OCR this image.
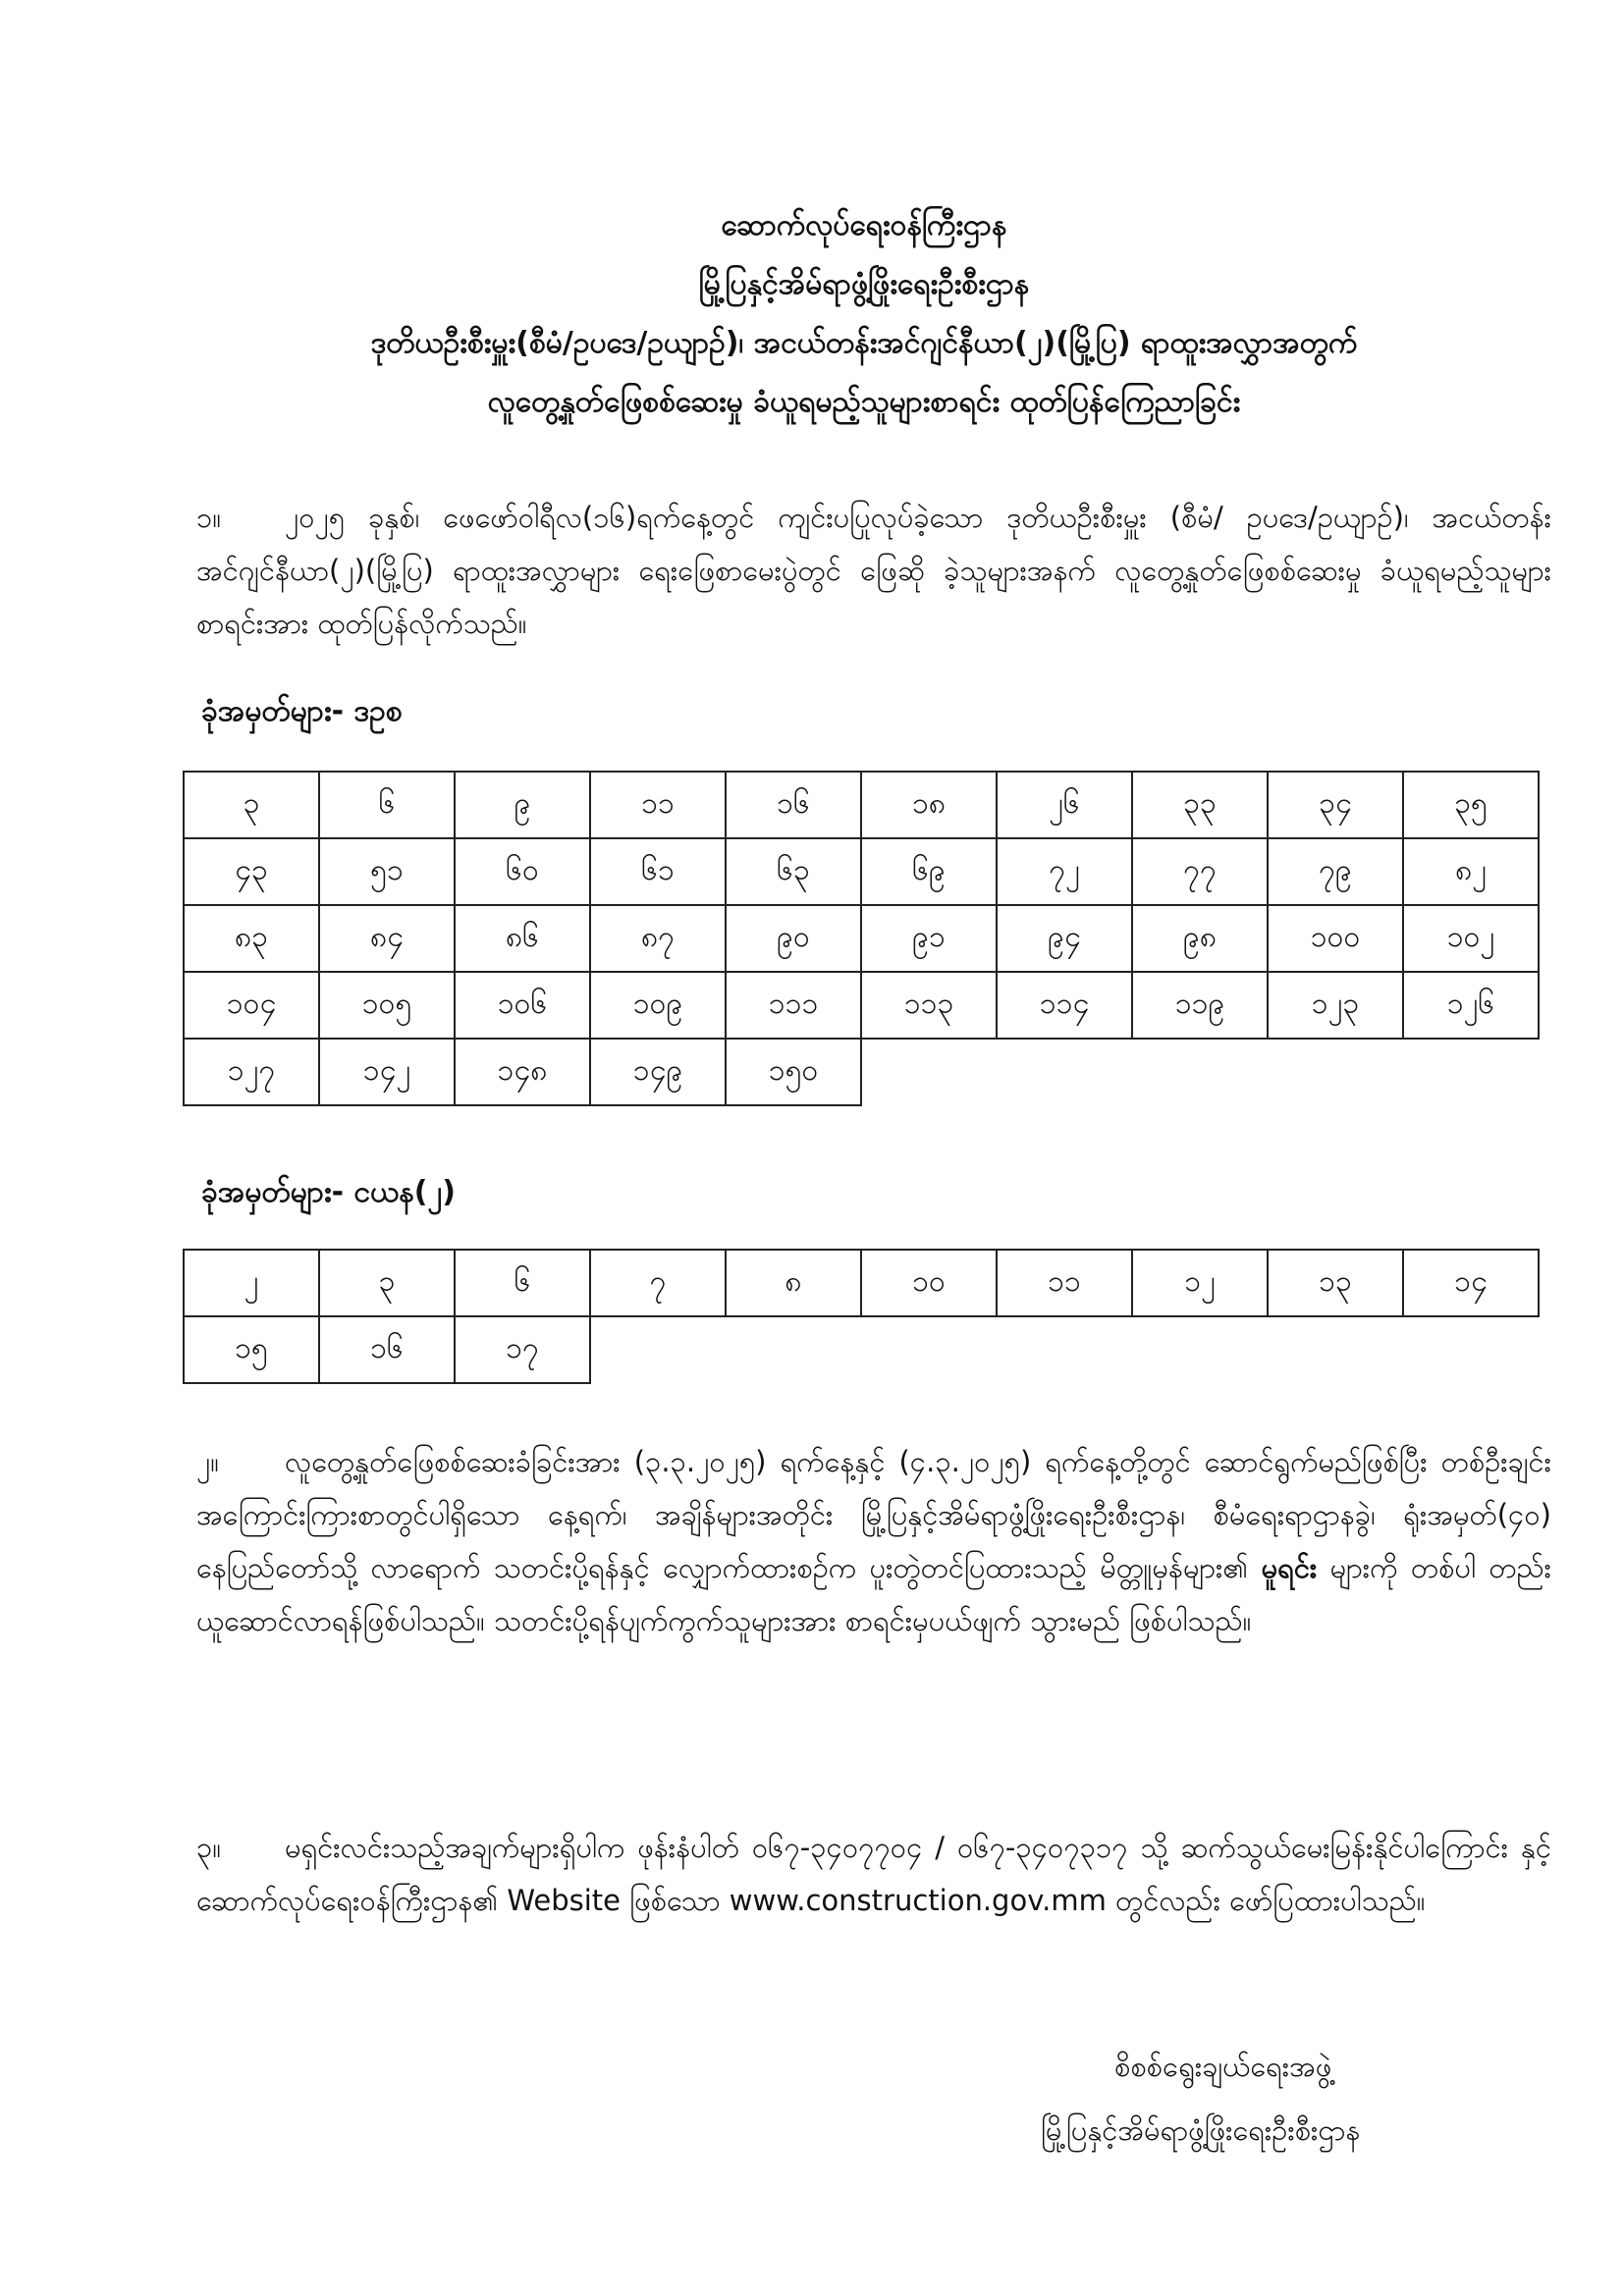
ဆောက်လုပ်ရေးဝန်ကြီးဌာန
မြို့ပြနှင့်အိမ်ရာဖွံ့ဖြိုးရေးဦးစီးဌာန
ဒုတိယဦးစီးမှူး(စီမံ/ဥပဒေ/ဥယျာဉ်)၊ အငယ်တန်းအင်ဂျင်နီယာ(၂)(မြို့ပြ) ရာထူးအလွှာအတွက်
လူတွေ့နှုတ်ဖြေစစ်ဆေးမှု ခံယူရမည့်သူများစာရင်း ထုတ်ပြန်ကြေညာခြင်း
၁။ ၂၀၂၅ ခုနှစ်၊ ဖေဖော်ဝါရီလ(၁၆)ရက်နေ့တွင် ကျင်းပပြုလုပ်ခဲ့သော ဒုတိယဦးစီးမှူး (စီမံ/ ဥပဒေ/ဥယျာဉ်)၊ အငယ်တန်းအင်ဂျင်နီယာ(၂)(မြို့ပြ) ရာထူးအလွှာများ ရေးဖြေစာမေးပွဲတွင် ဖြေဆို ခဲ့သူများအနက် လူတွေ့နှုတ်ဖြေစစ်ဆေးမှု ခံယူရမည့်သူများ စာရင်းအား ထုတ်ပြန်လိုက်သည်။
ခုံအမှတ်များ- ဒဥစ
၃	၆	၉	၁၁	၁၆	၁၈	၂၆	၃၃	၃၄	၃၅
၄၃	၅၁	၆၀	၆၁	၆၃	၆၉	၇၂	၇၇	၇၉	၈၂
၈၃	၈၄	၈၆	၈၇	၉၀	၉၁	၉၄	၉၈	၁၀၀	၁၀၂
၁၀၄	၁၀၅	၁၀၆	၁၀၉	၁၁၁	၁၁၃	၁၁၄	၁၁၉	၁၂၃	၁၂၆
၁၂၇	၁၄၂	၁၄၈	၁၄၉	၁၅၀					
ခုံအမှတ်များ- ငယန(၂)
၂	၃	၆	၇	၈	၁၀	၁၁	၁၂	၁၃	၁၄
၁၅	၁၆	၁၇							
၂။ လူတွေ့နှုတ်ဖြေစစ်ဆေးခံခြင်းအား (၃.၃.၂၀၂၅) ရက်နေ့နှင့် (၄.၃.၂၀၂၅) ရက်နေ့တို့တွင် ဆောင်ရွက်မည်ဖြစ်ပြီး တစ်ဦးချင်းအကြောင်းကြားစာတွင်ပါရှိသော နေ့ရက်၊ အချိန်များအတိုင်း မြို့ပြနှင့်အိမ်ရာဖွံ့ဖြိုးရေးဦးစီးဌာန၊ စီမံရေးရာဌာနခွဲ၊ ရုံးအမှတ်(၄၀) နေပြည်တော်သို့ လာရောက် သတင်းပို့ရန်နှင့် လျှောက်ထားစဉ်က ပူးတွဲတင်ပြထားသည့် မိတ္တူမှန်များ၏ မူရင်း များကို တစ်ပါ တည်းယူဆောင်လာရန်ဖြစ်ပါသည်။ သတင်းပို့ရန်ပျက်ကွက်သူများအား စာရင်းမှပယ်ဖျက် သွားမည် ဖြစ်ပါသည်။
၃။ မရှင်းလင်းသည့်အချက်များရှိပါက ဖုန်းနံပါတ် ၀၆၇-၃၄၀၇၇၀၄ / ၀၆၇-၃၄၀၇၃၁၇ သို့ ဆက်သွယ်မေးမြန်းနိုင်ပါကြောင်း နှင့် ဆောက်လုပ်ရေးဝန်ကြီးဌာန၏ Website ဖြစ်သော www.construction.gov.mm တွင်လည်း ဖော်ပြထားပါသည်။
စိစစ်ရွေးချယ်ရေးအဖွဲ့
မြို့ပြနှင့်အိမ်ရာဖွံ့ဖြိုးရေးဦးစီးဌာန
